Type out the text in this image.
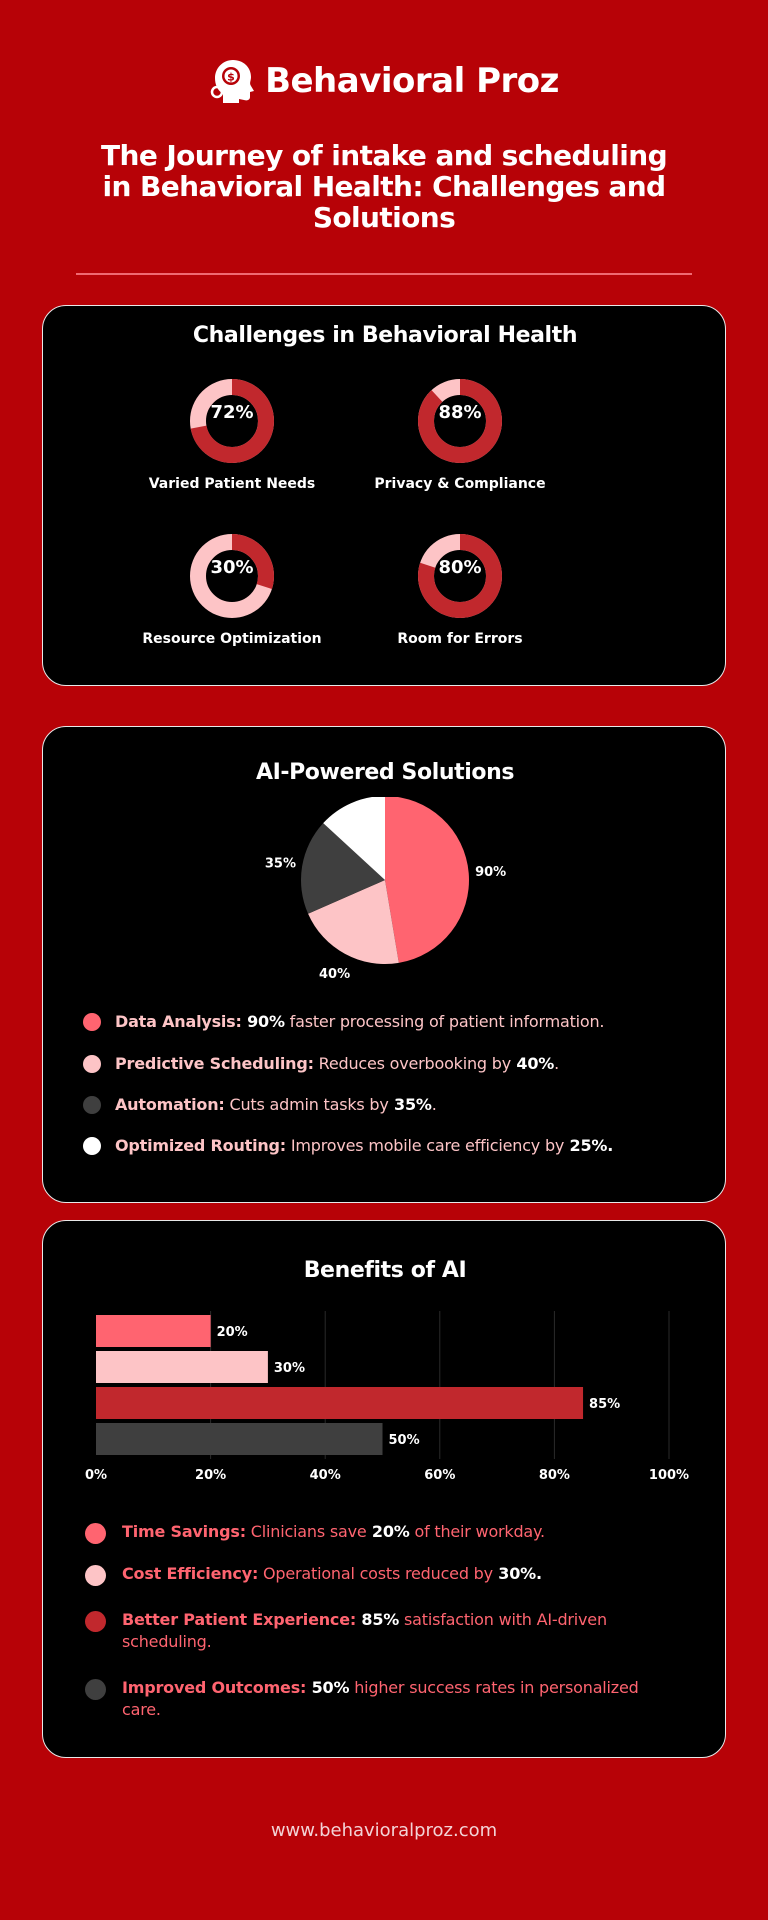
$ Behavioral Proz
The Journey of intake and scheduling in Behavioral Health: Challenges and Solutions
Challenges in Behavioral Health
72%
Varied Patient Needs
88%
Privacy & Compliance
30%
Resource Optimization
80%
Room for Errors
AI-Powered Solutions
90%
40%
35%
Data Analysis: 90% faster processing of patient information.
Predictive Scheduling: Reduces overbooking by 40%.
Automation: Cuts admin tasks by 35%.
Optimized Routing: Improves mobile care efficiency by 25%.
Benefits of AI
0%	20%	40%	60%	80%	100%
20%
30%
85%
50%
Time Savings: Clinicians save 20% of their workday.
Cost Efficiency: Operational costs reduced by 30%.
Better Patient Experience: 85% satisfaction with AI-driven scheduling.
Improved Outcomes: 50% higher success rates in personalized care.
www.behavioralproz.com
